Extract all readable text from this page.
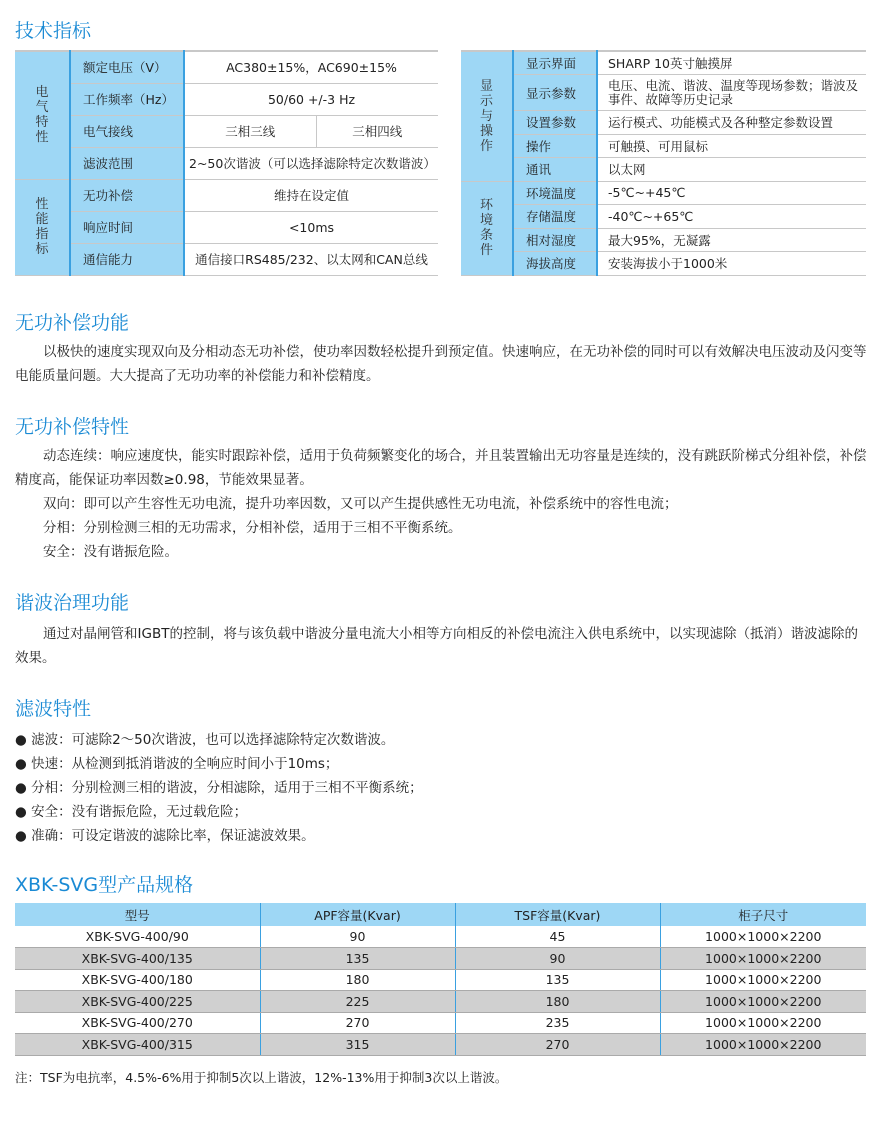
技术指标
电气特性	额定电压（V）	AC380±15%，AC690±15%	
	工作频率（Hz）	50/60 +/-3 Hz	
	电气接线	三相三线	三相四线
	滤波范围	2~50次谐波（可以选择滤除特定次数谐波）	
性能指标	无功补偿	维持在设定值	
	响应时间	<10ms	
	通信能力	通信接口RS485/232、以太网和CAN总线	
显示与操作	显示界面	SHARP 10英寸触摸屏
	显示参数	电压、电流、谐波、温度等现场参数；谐波及事件、故障等历史记录
	设置参数	运行模式、功能模式及各种整定参数设置
	操作	可触摸、可用鼠标
	通讯	以太网
环境条件	环境温度	-5℃~+45℃
	存储温度	-40℃~+65℃
	相对湿度	最大95%，无凝露
	海拔高度	安装海拔小于1000米
无功补偿功能
以极快的速度实现双向及分相动态无功补偿，使功率因数轻松提升到预定值。快速响应，在无功补偿的同时可以有效解决电压波动及闪变等电能质量问题。大大提高了无功功率的补偿能力和补偿精度。
无功补偿特性
动态连续：响应速度快，能实时跟踪补偿，适用于负荷频繁变化的场合，并且装置输出无功容量是连续的，没有跳跃阶梯式分组补偿，补偿精度高，能保证功率因数≥0.98，节能效果显著。
双向：即可以产生容性无功电流，提升功率因数，又可以产生提供感性无功电流，补偿系统中的容性电流；
分相：分别检测三相的无功需求，分相补偿，适用于三相不平衡系统。
安全：没有谐振危险。
谐波治理功能
通过对晶闸管和IGBT的控制，将与该负载中谐波分量电流大小相等方向相反的补偿电流注入供电系统中，以实现滤除（抵消）谐波滤除的效果。
滤波特性
● 滤波：可滤除2～50次谐波，也可以选择滤除特定次数谐波。
● 快速：从检测到抵消谐波的全响应时间小于10ms；
● 分相：分别检测三相的谐波，分相滤除，适用于三相不平衡系统；
● 安全：没有谐振危险，无过载危险；
● 准确：可设定谐波的滤除比率，保证滤波效果。
XBK-SVG型产品规格
型号	APF容量(Kvar)	TSF容量(Kvar)	柜子尺寸
XBK-SVG-400/90	90	45	1000×1000×2200
XBK-SVG-400/135	135	90	1000×1000×2200
XBK-SVG-400/180	180	135	1000×1000×2200
XBK-SVG-400/225	225	180	1000×1000×2200
XBK-SVG-400/270	270	235	1000×1000×2200
XBK-SVG-400/315	315	270	1000×1000×2200
注：TSF为电抗率，4.5%-6%用于抑制5次以上谐波，12%-13%用于抑制3次以上谐波。
